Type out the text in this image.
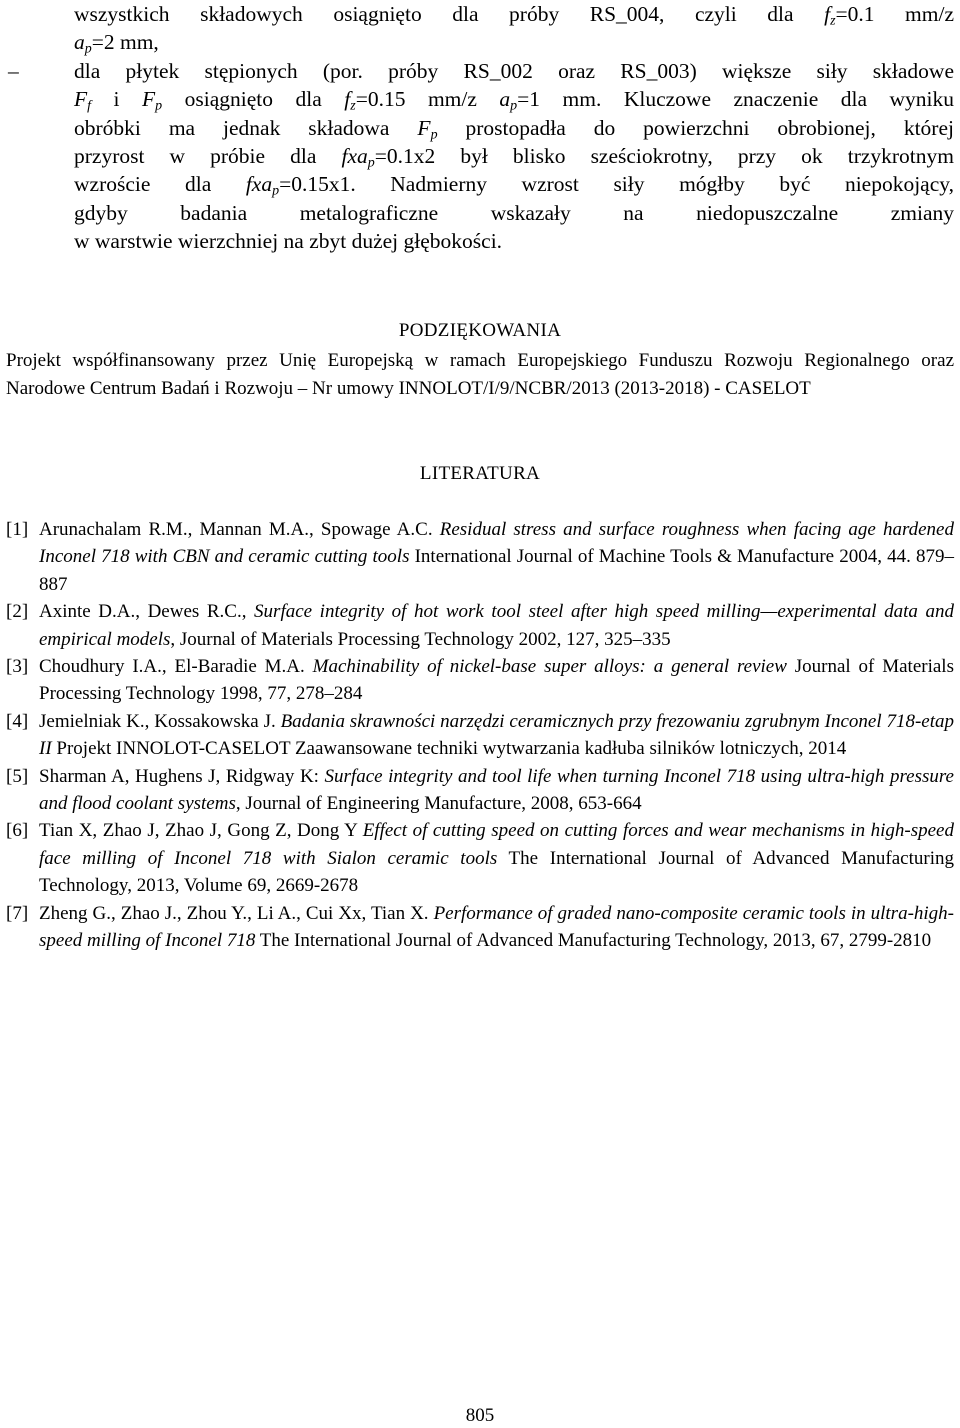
wszystkich składowych osiągnięto dla próby RS_004, czyli dla $f_z=0.1$ mm/z
$a_p=2$ mm,
–	dla płytek stępionych (por. próby RS_002 oraz RS_003) większe siły składowe
$F_f$ i $F_p$ osiągnięto dla $f_z=0.15$ mm/z $a_p=1$ mm. Kluczowe znaczenie dla wyniku
obróbki ma jednak składowa $F_p$ prostopadła do powierzchni obrobionej, której
przyrost w próbie dla fxa$_p$=0.1x2 był blisko sześciokrotny, przy ok trzykrotnym
wzroście dla fxa$_p$=0.15x1. Nadmierny wzrost siły mógłby być niepokojący,
gdyby badania metalograficzne wskazały na niedopuszczalne zmiany
w warstwie wierzchniej na zbyt dużej głębokości.
PODZIĘKOWANIA
Projekt współfinansowany przez Unię Europejską w ramach Europejskiego Funduszu Rozwoju Regionalnego oraz Narodowe Centrum Badań i Rozwoju – Nr umowy INNOLOT/I/9/NCBR/2013 (2013-2018) - CASELOT
LITERATURA

[1] Arunachalam R.M., Mannan M.A., Spowage A.C. Residual stress and surface roughness when facing age hardened Inconel 718 with CBN and ceramic cutting tools International Journal of Machine Tools & Manufacture 2004, 44. 879–887

[2] Axinte D.A., Dewes R.C., Surface integrity of hot work tool steel after high speed milling—experimental data and empirical models, Journal of Materials Processing Technology 2002, 127, 325–335

[3] Choudhury I.A., El-Baradie M.A. Machinability of nickel-base super alloys: a general review Journal of Materials Processing Technology 1998, 77, 278–284

[4] Jemielniak K., Kossakowska J. Badania skrawności narzędzi ceramicznych przy frezowaniu zgrubnym Inconel 718-etap II Projekt INNOLOT-CASELOT Zaawansowane techniki wytwarzania kadłuba silników lotniczych, 2014

[5] Sharman A, Hughens J, Ridgway K: Surface integrity and tool life when turning Inconel 718 using ultra-high pressure and flood coolant systems, Journal of Engineering Manufacture, 2008, 653-664

[6] Tian X, Zhao J, Zhao J, Gong Z, Dong Y Effect of cutting speed on cutting forces and wear mechanisms in high-speed face milling of Inconel 718 with Sialon ceramic tools The International Journal of Advanced Manufacturing Technology, 2013, Volume 69, 2669-2678

[7] Zheng G., Zhao J., Zhou Y., Li A., Cui Xx, Tian X. Performance of graded nano-composite ceramic tools in ultra-high-speed milling of Inconel 718 The International Journal of Advanced Manufacturing Technology, 2013, 67, 2799-2810

805
